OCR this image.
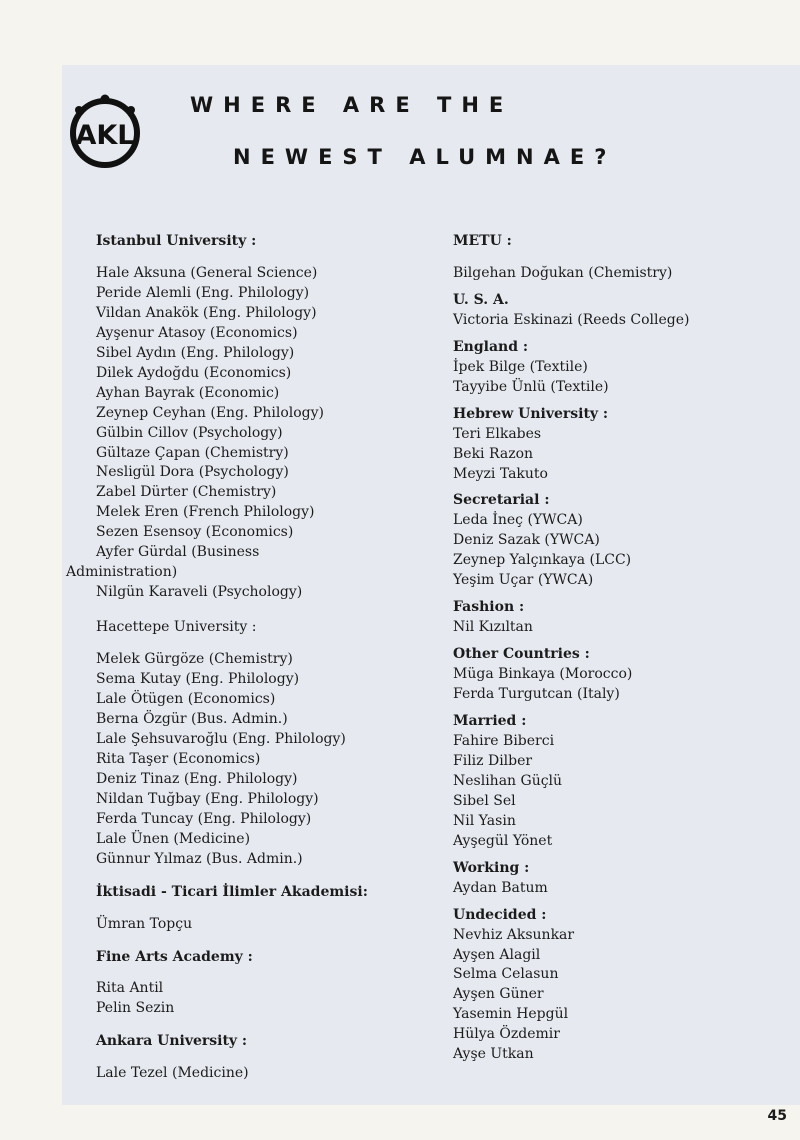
AKL
WHERE ARE THE
NEWEST ALUMNAE?
Istanbul University :
Hale Aksuna (General Science)
Peride Alemli (Eng. Philology)
Vildan Anakök (Eng. Philology)
Ayşenur Atasoy (Economics)
Sibel Aydın (Eng. Philology)
Dilek Aydoğdu (Economics)
Ayhan Bayrak (Economic)
Zeynep Ceyhan (Eng. Philology)
Gülbin Cillov (Psychology)
Gültaze Çapan (Chemistry)
Nesligül Dora (Psychology)
Zabel Dürter (Chemistry)
Melek Eren (French Philology)
Sezen Esensoy (Economics)
Ayfer Gürdal (Business Administration)
Nilgün Karaveli (Psychology)
Hacettepe University :
Melek Gürgöze (Chemistry)
Sema Kutay (Eng. Philology)
Lale Ötügen (Economics)
Berna Özgür (Bus. Admin.)
Lale Şehsuvaroğlu (Eng. Philology)
Rita Taşer (Economics)
Deniz Tinaz (Eng. Philology)
Nildan Tuğbay (Eng. Philology)
Ferda Tuncay (Eng. Philology)
Lale Ünen (Medicine)
Günnur Yılmaz (Bus. Admin.)
İktisadi - Ticari İlimler Akademisi:
Ümran Topçu
Fine Arts Academy :
Rita Antil
Pelin Sezin
Ankara University :
Lale Tezel (Medicine)
METU :
Bilgehan Doğukan (Chemistry)
U. S. A.
Victoria Eskinazi (Reeds College)
England :
İpek Bilge (Textile)
Tayyibe Ünlü (Textile)
Hebrew University :
Teri Elkabes
Beki Razon
Meyzi Takuto
Secretarial :
Leda İneç (YWCA)
Deniz Sazak (YWCA)
Zeynep Yalçınkaya (LCC)
Yeşim Uçar (YWCA)
Fashion :
Nil Kızıltan
Other Countries :
Müga Binkaya (Morocco)
Ferda Turgutcan (Italy)
Married :
Fahire Biberci
Filiz Dilber
Neslihan Güçlü
Sibel Sel
Nil Yasin
Ayşegül Yönet
Working :
Aydan Batum
Undecided :
Nevhiz Aksunkar
Ayşen Alagil
Selma Celasun
Ayşen Güner
Yasemin Hepgül
Hülya Özdemir
Ayşe Utkan
45
